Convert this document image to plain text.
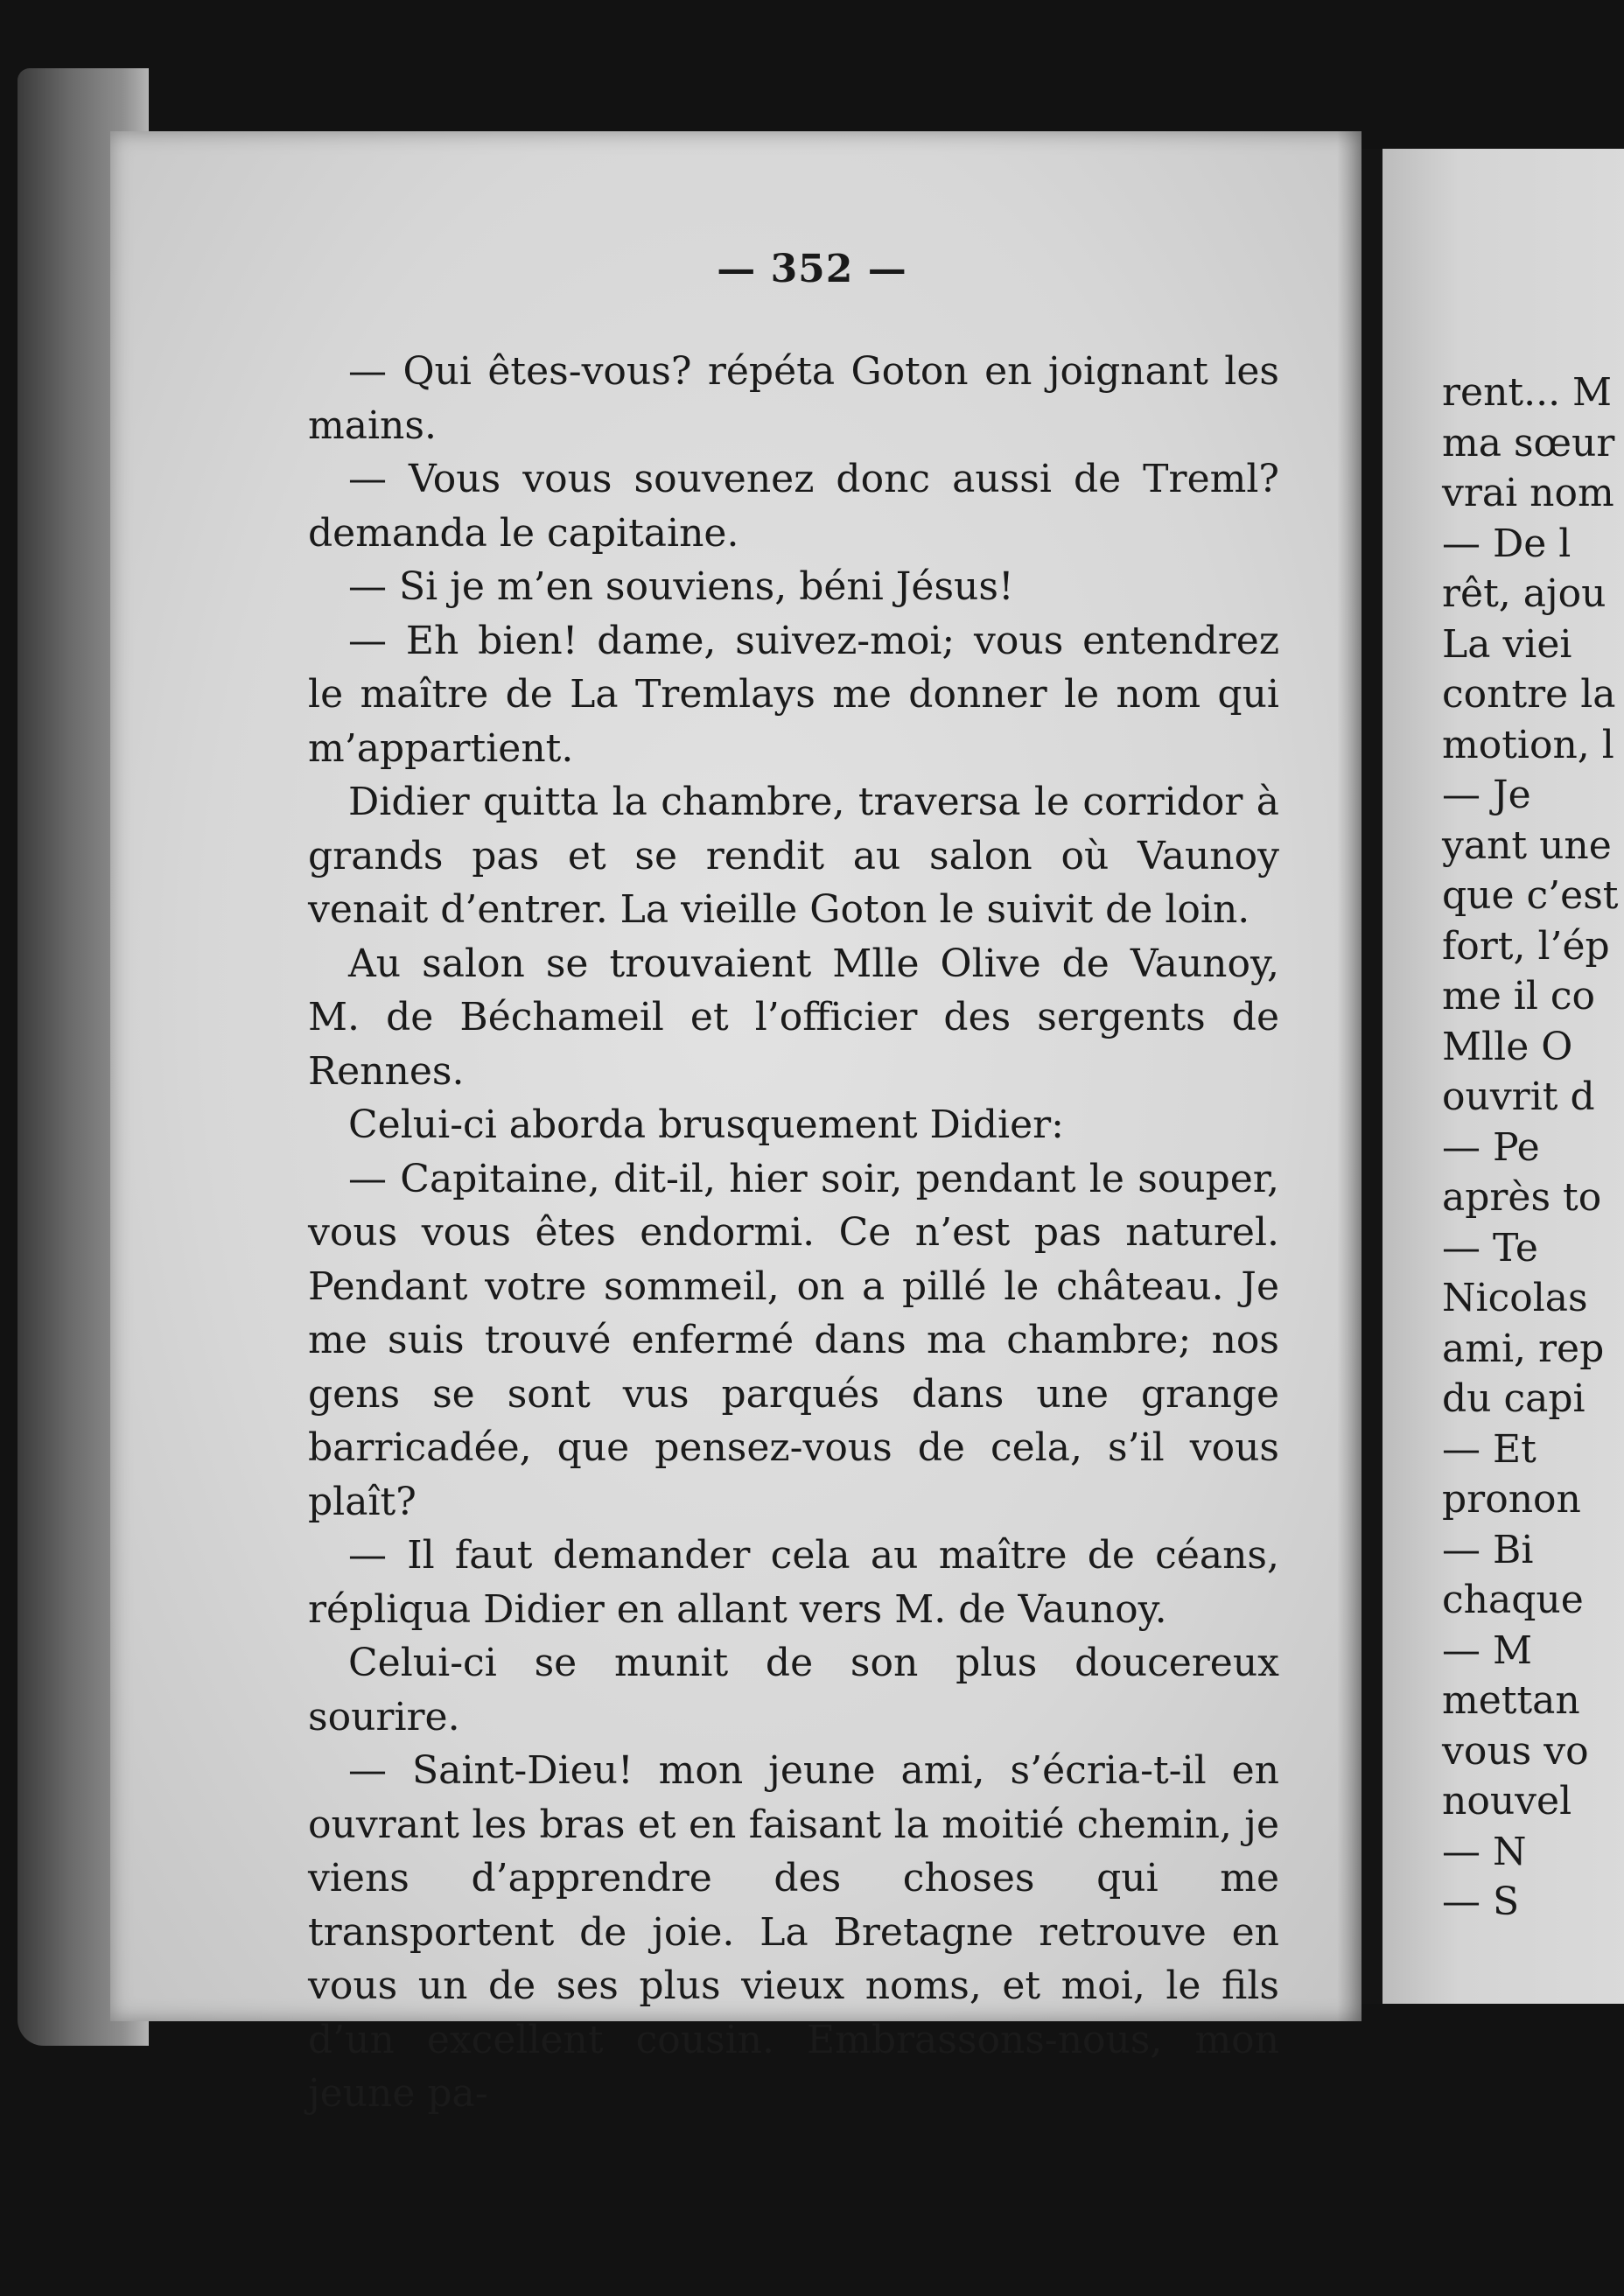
— 352 —

— Qui êtes-vous? répéta Goton en joignant les mains.

— Vous vous souvenez donc aussi de Treml? demanda le capitaine.

— Si je m’en souviens, béni Jésus!

— Eh bien! dame, suivez-moi; vous entendrez le maître de La Tremlays me donner le nom qui m’appartient.

Didier quitta la chambre, traversa le corridor à grands pas et se rendit au salon où Vaunoy venait d’entrer. La vieille Goton le suivit de loin.

Au salon se trouvaient Mlle Olive de Vaunoy, M. de Béchameil et l’officier des sergents de Rennes.

Celui-ci aborda brusquement Didier:

— Capitaine, dit-il, hier soir, pendant le souper, vous vous êtes endormi. Ce n’est pas naturel. Pendant votre sommeil, on a pillé le château. Je me suis trouvé enfermé dans ma chambre; nos gens se sont vus parqués dans une grange barricadée, que pensez-vous de cela, s’il vous plaît?

— Il faut demander cela au maître de céans, répliqua Didier en allant vers M. de Vaunoy.

Celui-ci se munit de son plus doucereux sourire.

— Saint-Dieu! mon jeune ami, s’écria-t-il en ouvrant les bras et en faisant la moitié chemin, je viens d’apprendre des choses qui me transportent de joie. La Bretagne retrouve en vous un de ses plus vieux noms, et moi, le fils d’un excellent cousin. Embrassons-nous, mon jeune pa-

rent... M
ma sœur
vrai nom
— De l
rêt, ajou
La viei
contre la
motion, l
— Je
yant une
que c’est
fort, l’ép
me il co
Mlle O
ouvrit d
— Pe
après to
— Te
Nicolas
ami, rep
du capi
— Et
pronon
— Bi
chaque
— M
mettan
vous vo
nouvel
— N
— S
